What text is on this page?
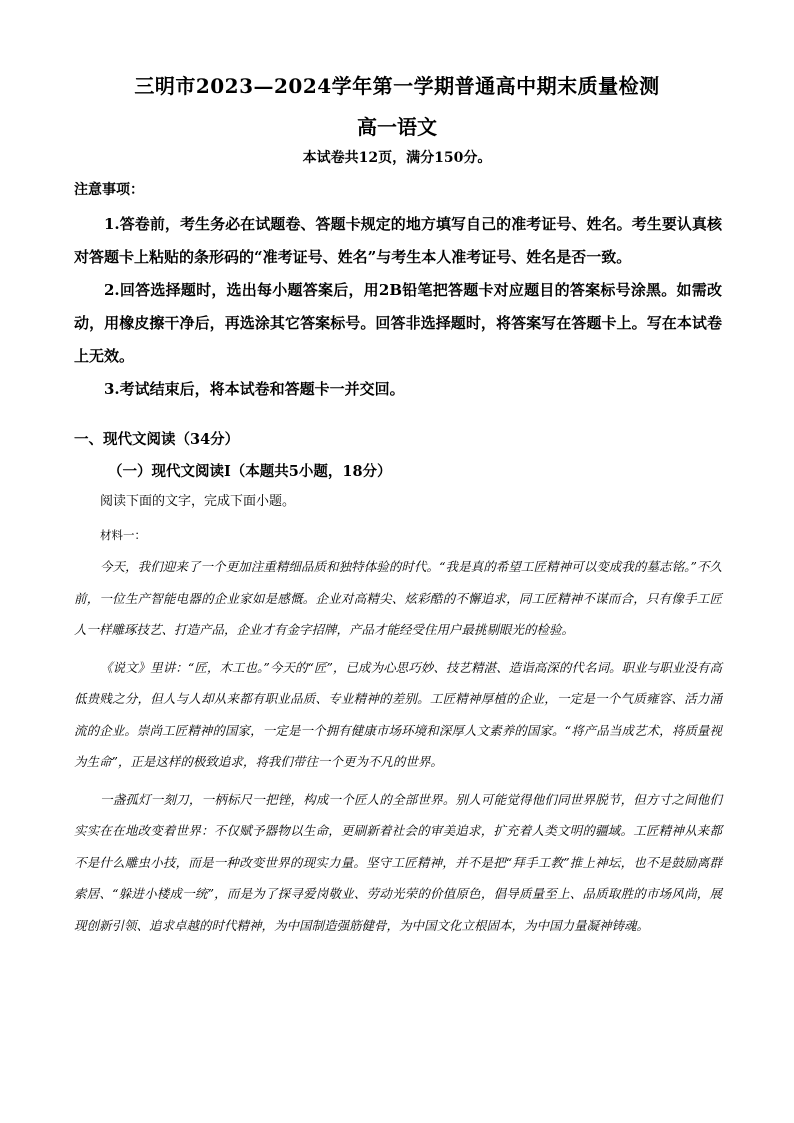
三明市2023—2024学年第一学期普通高中期末质量检测
高一语文
本试卷共12页，满分150分。
注意事项：

1.答卷前，考生务必在试题卷、答题卡规定的地方填写自己的准考证号、姓名。考生要认真核对答题卡上粘贴的条形码的“准考证号、姓名”与考生本人准考证号、姓名是否一致。

2.回答选择题时，选出每小题答案后，用2B铅笔把答题卡对应题目的答案标号涂黑。如需改动，用橡皮擦干净后，再选涂其它答案标号。回答非选择题时，将答案写在答题卡上。写在本试卷上无效。

3.考试结束后，将本试卷和答题卡一并交回。

一、现代文阅读（34分）
（一）现代文阅读Ⅰ（本题共5小题，18分）
阅读下面的文字，完成下面小题。
材料一：

今天，我们迎来了一个更加注重精细品质和独特体验的时代。“我是真的希望工匠精神可以变成我的墓志铭。”不久前，一位生产智能电器的企业家如是感慨。企业对高精尖、炫彩酷的不懈追求，同工匠精神不谋而合，只有像手工匠人一样雕琢技艺、打造产品，企业才有金字招牌，产品才能经受住用户最挑剔眼光的检验。

《说文》里讲：“匠，木工也。”今天的“匠”，已成为心思巧妙、技艺精湛、造诣高深的代名词。职业与职业没有高低贵贱之分，但人与人却从来都有职业品质、专业精神的差别。工匠精神厚植的企业，一定是一个气质雍容、活力涌流的企业。崇尚工匠精神的国家，一定是一个拥有健康市场环境和深厚人文素养的国家。“将产品当成艺术，将质量视为生命”，正是这样的极致追求，将我们带往一个更为不凡的世界。

一盏孤灯一刻刀，一柄标尺一把锉，构成一个匠人的全部世界。别人可能觉得他们同世界脱节，但方寸之间他们实实在在地改变着世界：不仅赋予器物以生命，更刷新着社会的审美追求，扩充着人类文明的疆域。工匠精神从来都不是什么雕虫小技，而是一种改变世界的现实力量。坚守工匠精神，并不是把“拜手工教”推上神坛，也不是鼓励离群索居、“躲进小楼成一统”，而是为了探寻爱岗敬业、劳动光荣的价值原色，倡导质量至上、品质取胜的市场风尚，展现创新引领、追求卓越的时代精神，为中国制造强筋健骨，为中国文化立根固本，为中国力量凝神铸魂。
